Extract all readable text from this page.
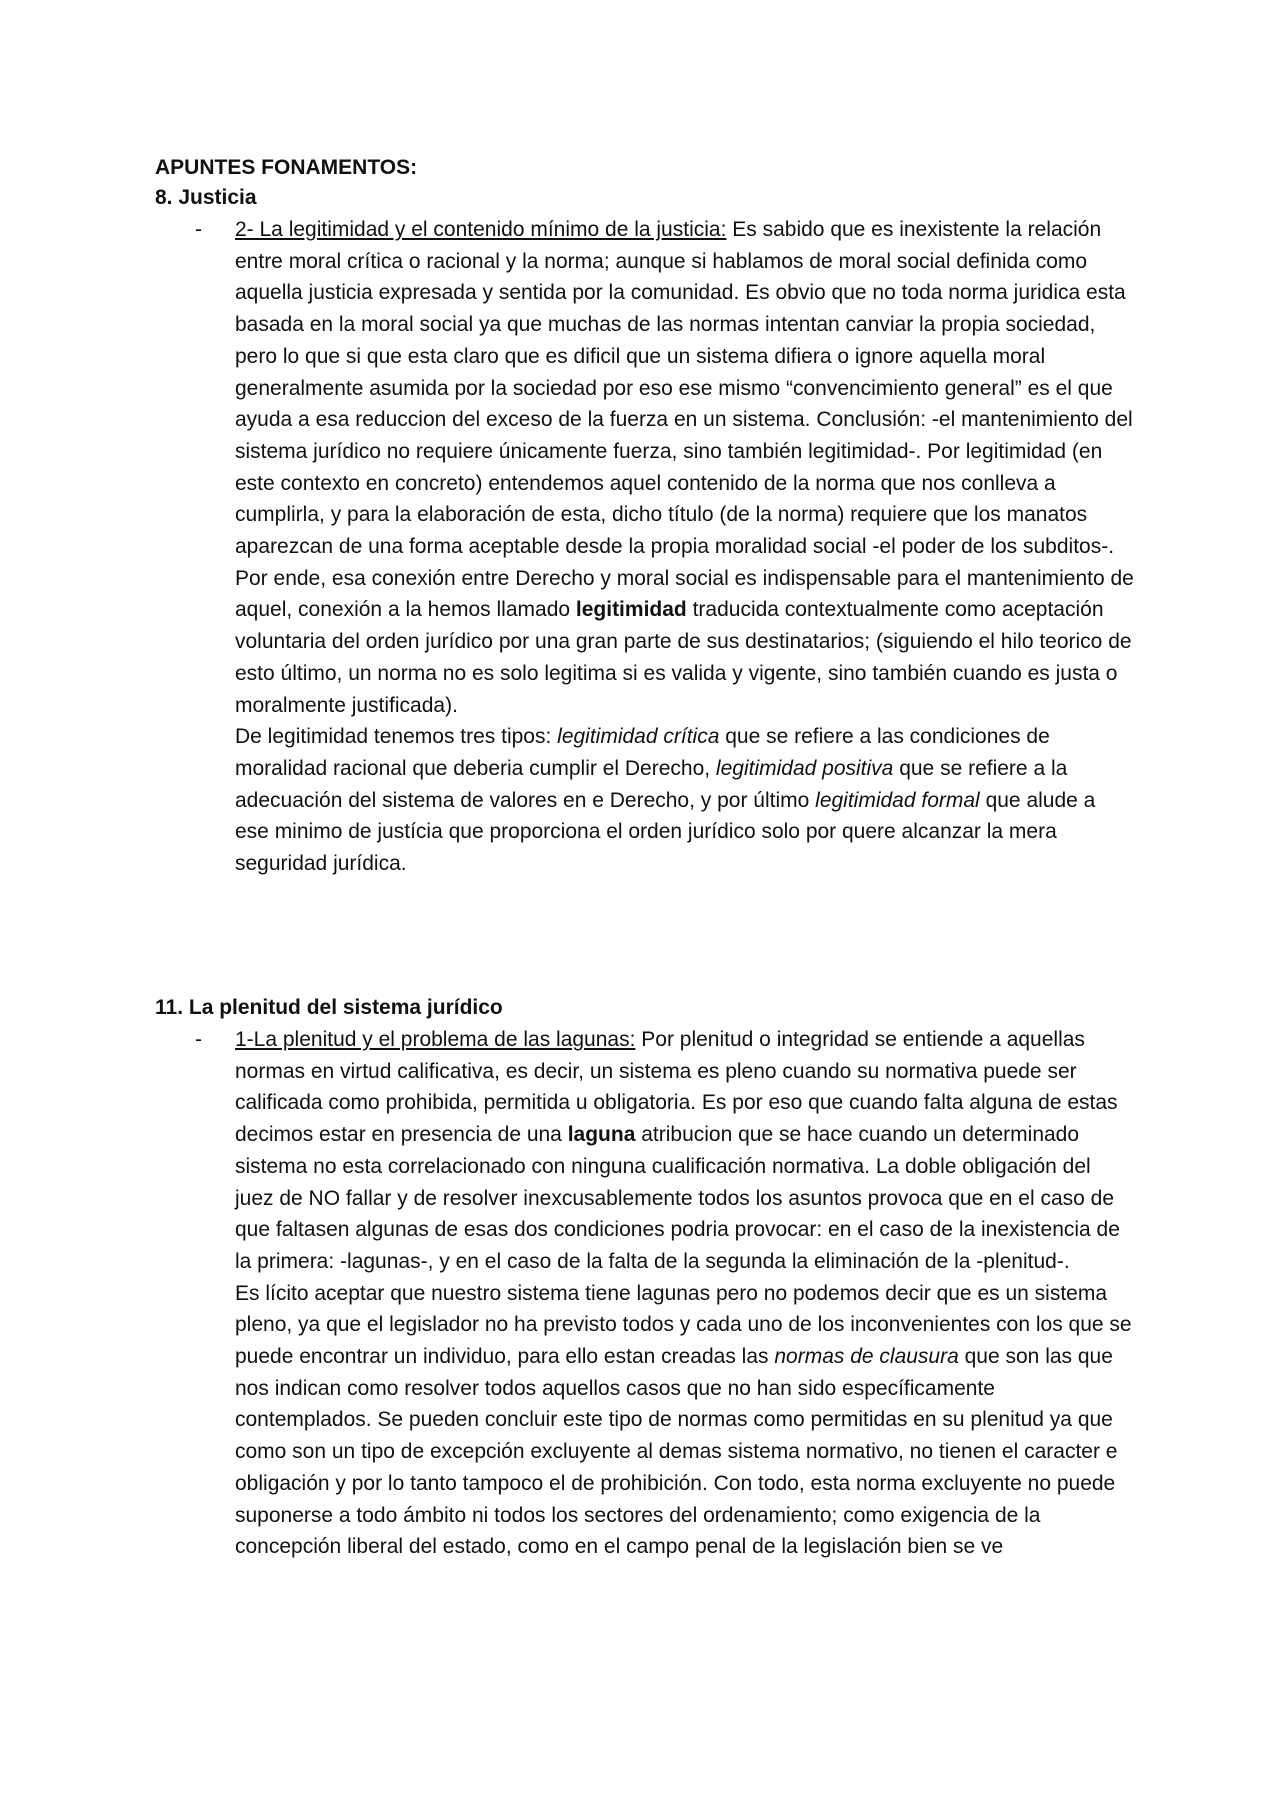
APUNTES FONAMENTOS:
8. Justicia
- 2- La legitimidad y el contenido mínimo de la justicia: Es sabido que es inexistente la relación entre moral crítica o racional y la norma; aunque si hablamos de moral social definida como aquella justicia expresada y sentida por la comunidad. Es obvio que no toda norma juridica esta basada en la moral social ya que muchas de las normas intentan canviar la propia sociedad, pero lo que si que esta claro que es dificil que un sistema difiera o ignore aquella moral generalmente asumida por la sociedad por eso ese mismo “convencimiento general” es el que ayuda a esa reduccion del exceso de la fuerza en un sistema. Conclusión: -el mantenimiento del sistema jurídico no requiere únicamente fuerza, sino también legitimidad-. Por legitimidad (en este contexto en concreto) entendemos aquel contenido de la norma que nos conlleva a cumplirla, y para la elaboración de esta, dicho título (de la norma) requiere que los manatos aparezcan de una forma aceptable desde la propia moralidad social -el poder de los subditos-.

Por ende, esa conexión entre Derecho y moral social es indispensable para el mantenimiento de aquel, conexión a la hemos llamado legitimidad traducida contextualmente como aceptación voluntaria del orden jurídico por una gran parte de sus destinatarios; (siguiendo el hilo teorico de esto último, un norma no es solo legitima si es valida y vigente, sino también cuando es justa o moralmente justificada).

De legitimidad tenemos tres tipos: legitimidad crítica que se refiere a las condiciones de moralidad racional que deberia cumplir el Derecho, legitimidad positiva que se refiere a la adecuación del sistema de valores en e Derecho, y por último legitimidad formal que alude a ese minimo de justícia que proporciona el orden jurídico solo por quere alcanzar la mera seguridad jurídica.

11. La plenitud del sistema jurídico
- 1-La plenitud y el problema de las lagunas: Por plenitud o integridad se entiende a aquellas normas en virtud calificativa, es decir, un sistema es pleno cuando su normativa puede ser calificada como prohibida, permitida u obligatoria. Es por eso que cuando falta alguna de estas decimos estar en presencia de una laguna atribucion que se hace cuando un determinado sistema no esta correlacionado con ninguna cualificación normativa. La doble obligación del juez de NO fallar y de resolver inexcusablemente todos los asuntos provoca que en el caso de que faltasen algunas de esas dos condiciones podria provocar: en el caso de la inexistencia de la primera: -lagunas-, y en el caso de la falta de la segunda la eliminación de la -plenitud-.

Es lícito aceptar que nuestro sistema tiene lagunas pero no podemos decir que es un sistema pleno, ya que el legislador no ha previsto todos y cada uno de los inconvenientes con los que se puede encontrar un individuo, para ello estan creadas las normas de clausura que son las que nos indican como resolver todos aquellos casos que no han sido específicamente contemplados. Se pueden concluir este tipo de normas como permitidas en su plenitud ya que como son un tipo de excepción excluyente al demas sistema normativo, no tienen el caracter e obligación y por lo tanto tampoco el de prohibición. Con todo, esta norma excluyente no puede suponerse a todo ámbito ni todos los sectores del ordenamiento; como exigencia de la concepción liberal del estado, como en el campo penal de la legislación bien se ve
